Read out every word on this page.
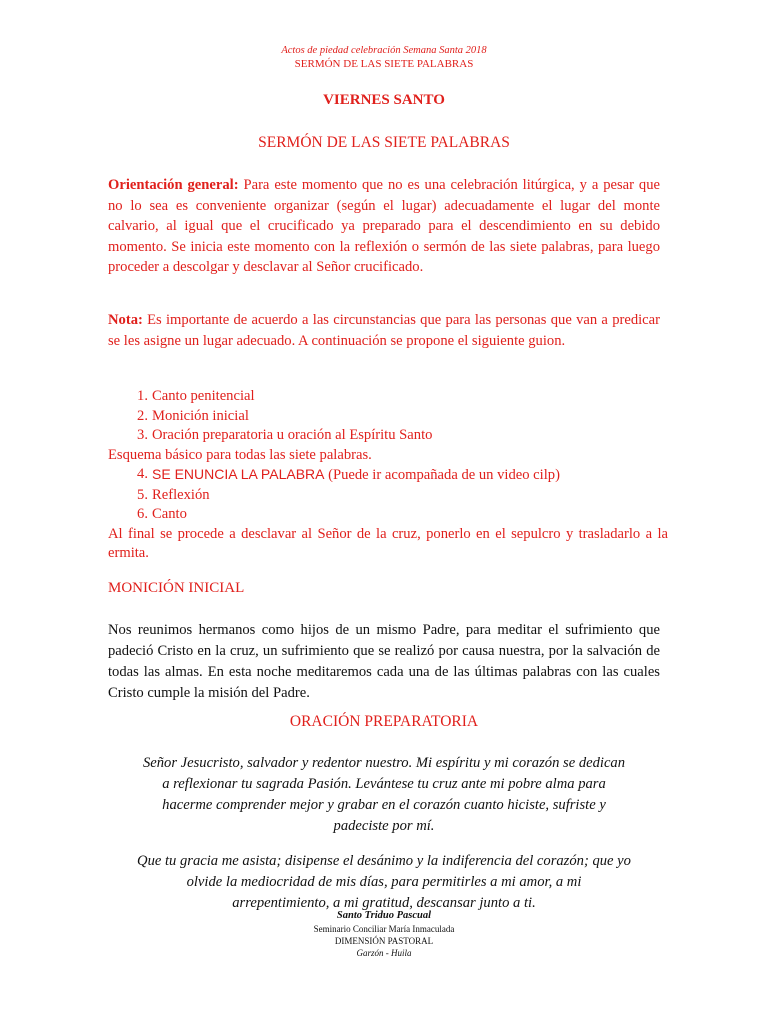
Actos de piedad celebración Semana Santa 2018
SERMÓN DE LAS SIETE PALABRAS
VIERNES SANTO
SERMÓN DE LAS SIETE PALABRAS
Orientación general: Para este momento que no es una celebración litúrgica, y a pesar que no lo sea es conveniente organizar (según el lugar) adecuadamente el lugar del monte calvario, al igual que el crucificado ya preparado para el descendimiento en su debido momento. Se inicia este momento con la reflexión o sermón de las siete palabras, para luego proceder a descolgar y desclavar al Señor crucificado.
Nota: Es importante de acuerdo a las circunstancias que para las personas que van a predicar se les asigne un lugar adecuado. A continuación se propone el siguiente guion.
1 . Canto penitencial
2 . Monición inicial
3 . Oración preparatoria u oración al Espíritu Santo
Esquema básico para todas las siete palabras.
4 . SE ENUNCIA LA PALABRA (Puede ir acompañada de un video cilp)
5 . Reflexión
6 . Canto
Al final se procede a desclavar al Señor de la cruz, ponerlo en el sepulcro y trasladarlo a la ermita.
MONICIÓN INICIAL
Nos reunimos hermanos como hijos de un mismo Padre, para meditar el sufrimiento que padeció Cristo en la cruz, un sufrimiento que se realizó por causa nuestra, por la salvación de todas las almas. En esta noche meditaremos cada una de las últimas palabras con las cuales Cristo cumple la misión del Padre.
ORACIÓN PREPARATORIA
Señor Jesucristo, salvador y redentor nuestro. Mi espíritu y mi corazón se dedican
a reflexionar tu sagrada Pasión. Levántese tu cruz ante mi pobre alma para
hacerme comprender mejor y grabar en el corazón cuanto hiciste, sufriste y
padeciste por mí.
Que tu gracia me asista; disipense el desánimo y la indiferencia del corazón; que yo
olvide la mediocridad de mis días, para permitirles a mi amor, a mi
arrepentimiento, a mi gratitud, descansar junto a ti.
Santo Triduo Pascual
Seminario Conciliar María Inmaculada
DIMENSIÓN PASTORAL
Garzón - Huila
